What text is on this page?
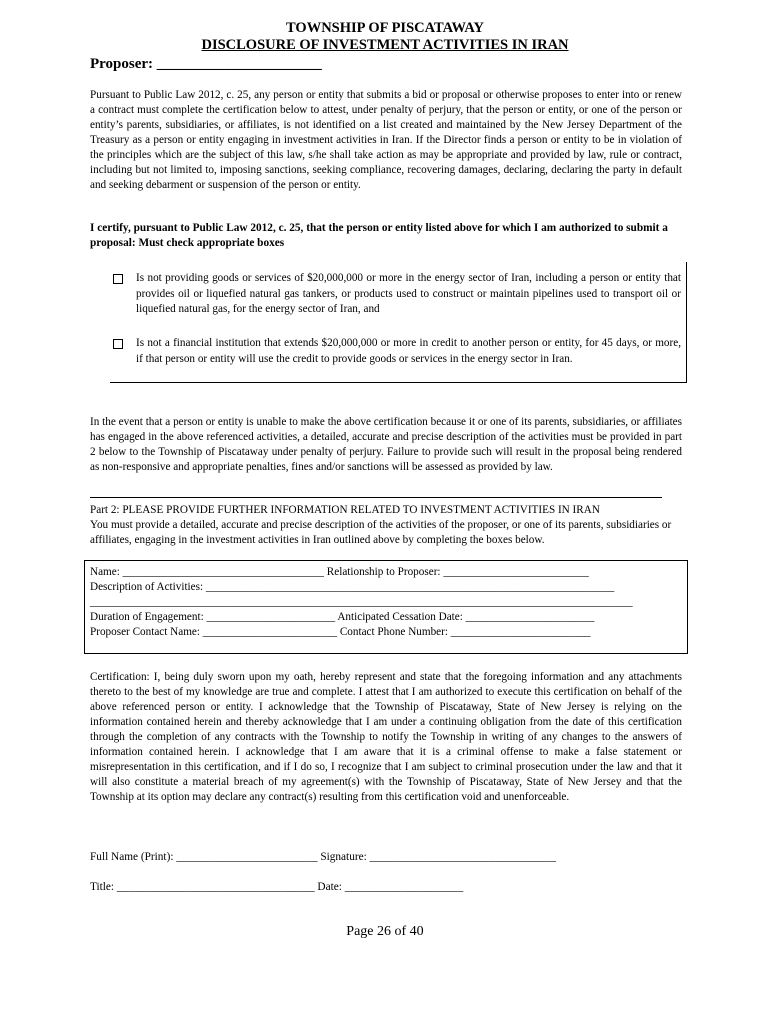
TOWNSHIP OF PISCATAWAY
DISCLOSURE OF INVESTMENT ACTIVITIES IN IRAN
Proposer: ______________________
Pursuant to Public Law 2012, c. 25, any person or entity that submits a bid or proposal or otherwise proposes to enter into or renew a contract must complete the certification below to attest, under penalty of perjury, that the person or entity, or one of the person or entity’s parents, subsidiaries, or affiliates, is not identified on a list created and maintained by the New Jersey Department of the Treasury as a person or entity engaging in investment activities in Iran. If the Director finds a person or entity to be in violation of the principles which are the subject of this law, s/he shall take action as may be appropriate and provided by law, rule or contract, including but not limited to, imposing sanctions, seeking compliance, recovering damages, declaring, declaring the party in default and seeking debarment or suspension of the person or entity.
I certify, pursuant to Public Law 2012, c. 25, that the person or entity listed above for which I am authorized to submit a proposal: Must check appropriate boxes
Is not providing goods or services of $20,000,000 or more in the energy sector of Iran, including a person or entity that provides oil or liquefied natural gas tankers, or products used to construct or maintain pipelines used to transport oil or liquefied natural gas, for the energy sector of Iran, and
Is not a financial institution that extends $20,000,000 or more in credit to another person or entity, for 45 days, or more, if that person or entity will use the credit to provide goods or services in the energy sector in Iran.
In the event that a person or entity is unable to make the above certification because it or one of its parents, subsidiaries, or affiliates has engaged in the above referenced activities, a detailed, accurate and precise description of the activities must be provided in part 2 below to the Township of Piscataway under penalty of perjury. Failure to provide such will result in the proposal being rendered as non-responsive and appropriate penalties, fines and/or sanctions will be assessed as provided by law.
Part 2: PLEASE PROVIDE FURTHER INFORMATION RELATED TO INVESTMENT ACTIVITIES IN IRAN
You must provide a detailed, accurate and precise description of the activities of the proposer, or one of its parents, subsidiaries or affiliates, engaging in the investment activities in Iran outlined above by completing the boxes below.
Name: ____________________________________ Relationship to Proposer: __________________________
Description of Activities: _________________________________________________________________________
_________________________________________________________________________________________________
Duration of Engagement: _______________________ Anticipated Cessation Date: _______________________
Proposer Contact Name: ________________________ Contact Phone Number: _________________________
Certification: I, being duly sworn upon my oath, hereby represent and state that the foregoing information and any attachments thereto to the best of my knowledge are true and complete. I attest that I am authorized to execute this certification on behalf of the above referenced person or entity. I acknowledge that the Township of Piscataway, State of New Jersey is relying on the information contained herein and thereby acknowledge that I am under a continuing obligation from the date of this certification through the completion of any contracts with the Township to notify the Township in writing of any changes to the answers of information contained herein. I acknowledge that I am aware that it is a criminal offense to make a false statement or misrepresentation in this certification, and if I do so, I recognize that I am subject to criminal prosecution under the law and that it will also constitute a material breach of my agreement(s) with the Township of Piscataway, State of New Jersey and that the Township at its option may declare any contract(s) resulting from this certification void and unenforceable.
Full Name (Print): _________________________ Signature: _________________________________
Title: ___________________________________ Date: _____________________
Page 26 of 40
